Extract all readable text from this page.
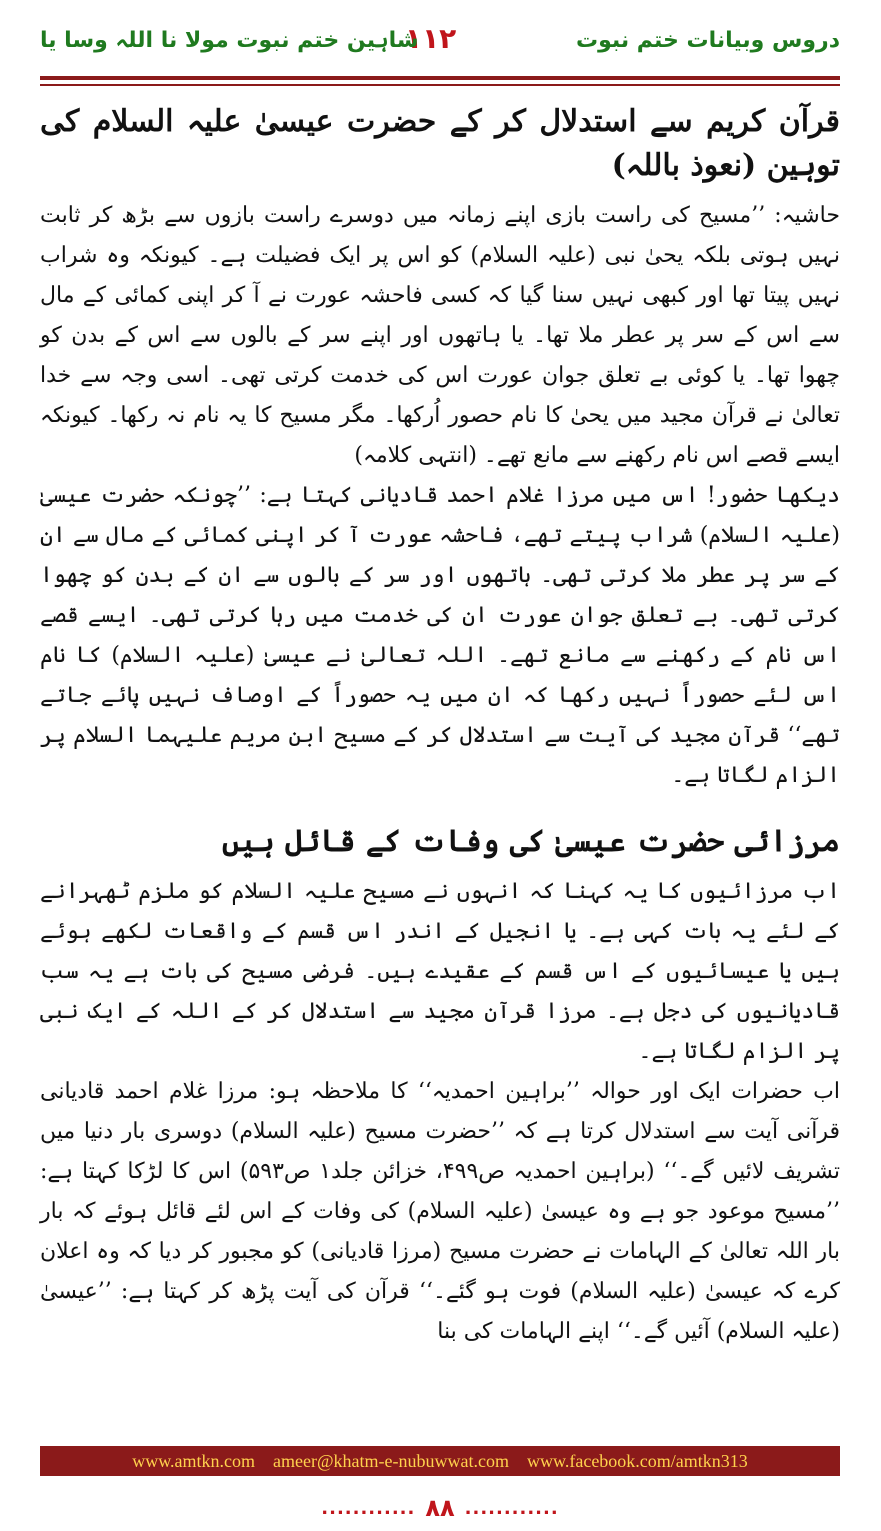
دروس وبیانات ختم نبوت
۱۱۲
شاہین ختم نبوت مولا نا اللہ وسا یا
قرآن کریم سے استدلال کر کے حضرت عیسیٰ علیہ السلام کی توہین (نعوذ باللہ)

حاشیہ: ’’مسیح کی راست بازی اپنے زمانہ میں دوسرے راست بازوں سے بڑھ کر ثابت نہیں ہوتی بلکہ یحیٰ نبی (علیہ السلام) کو اس پر ایک فضیلت ہے۔ کیونکہ وہ شراب نہیں پیتا تھا اور کبھی نہیں سنا گیا کہ کسی فاحشہ عورت نے آ کر اپنی کمائی کے مال سے اس کے سر پر عطر ملا تھا۔ یا ہاتھوں اور اپنے سر کے بالوں سے اس کے بدن کو چھوا تھا۔ یا کوئی بے تعلق جوان عورت اس کی خدمت کرتی تھی۔ اسی وجہ سے خدا تعالیٰ نے قرآن مجید میں یحیٰ کا نام حصور اُرکھا۔ مگر مسیح کا یہ نام نہ رکھا۔ کیونکہ ایسے قصے اس نام رکھنے سے مانع تھے۔ (انتہی کلامہ)

دیکھا حضور! اس میں مرزا غلام احمد قادیانی کہتا ہے: ’’چونکہ حضرت عیسیٰ (علیہ السلام) شراب پیتے تھے، فاحشہ عورت آ کر اپنی کمائی کے مال سے ان کے سر پر عطر ملا کرتی تھی۔ ہاتھوں اور سر کے بالوں سے ان کے بدن کو چھوا کرتی تھی۔ بے تعلق جوان عورت ان کی خدمت میں رہا کرتی تھی۔ ایسے قصے اس نام کے رکھنے سے مانع تھے۔ اللہ تعالیٰ نے عیسیٰ (علیہ السلام) کا نام اس لئے حصوراً نہیں رکھا کہ ان میں یہ حصوراً کے اوصاف نہیں پائے جاتے تھے‘‘ قرآن مجید کی آیت سے استدلال کر کے مسیح ابن مریم علیہما السلام پر الزام لگاتا ہے۔

مرزائی حضرت عیسیٰ کی وفات کے قائل ہیں

اب مرزائیوں کا یہ کہنا کہ انہوں نے مسیح علیہ السلام کو ملزم ٹھہرانے کے لئے یہ بات کہی ہے۔ یا انجیل کے اندر اس قسم کے واقعات لکھے ہوئے ہیں یا عیسائیوں کے اس قسم کے عقیدے ہیں۔ فرضی مسیح کی بات ہے یہ سب قادیانیوں کی دجل ہے۔ مرزا قرآن مجید سے استدلال کر کے اللہ کے ایک نبی پر الزام لگاتا ہے۔

اب حضرات ایک اور حوالہ ’’براہین احمدیہ‘‘ کا ملاحظہ ہو: مرزا غلام احمد قادیانی قرآنی آیت سے استدلال کرتا ہے کہ ’’حضرت مسیح (علیہ السلام) دوسری بار دنیا میں تشریف لائیں گے۔‘‘ (براہین احمدیہ ص۴۹۹، خزائن جلد۱ ص۵۹۳) اس کا لڑکا کہتا ہے: ’’مسیح موعود جو ہے وہ عیسیٰ (علیہ السلام) کی وفات کے اس لئے قائل ہوئے کہ بار بار اللہ تعالیٰ کے الہامات نے حضرت مسیح (مرزا قادیانی) کو مجبور کر دیا کہ وہ اعلان کرے کہ عیسیٰ (علیہ السلام) فوت ہو گئے۔‘‘ قرآن کی آیت پڑھ کر کہتا ہے: ’’عیسیٰ (علیہ السلام) آئیں گے۔‘‘ اپنے الہامات کی بنا

www.amtkn.com ameer@khatm-e-nubuwwat.com www.facebook.com/amtkn313
............ ۸۸ ............
